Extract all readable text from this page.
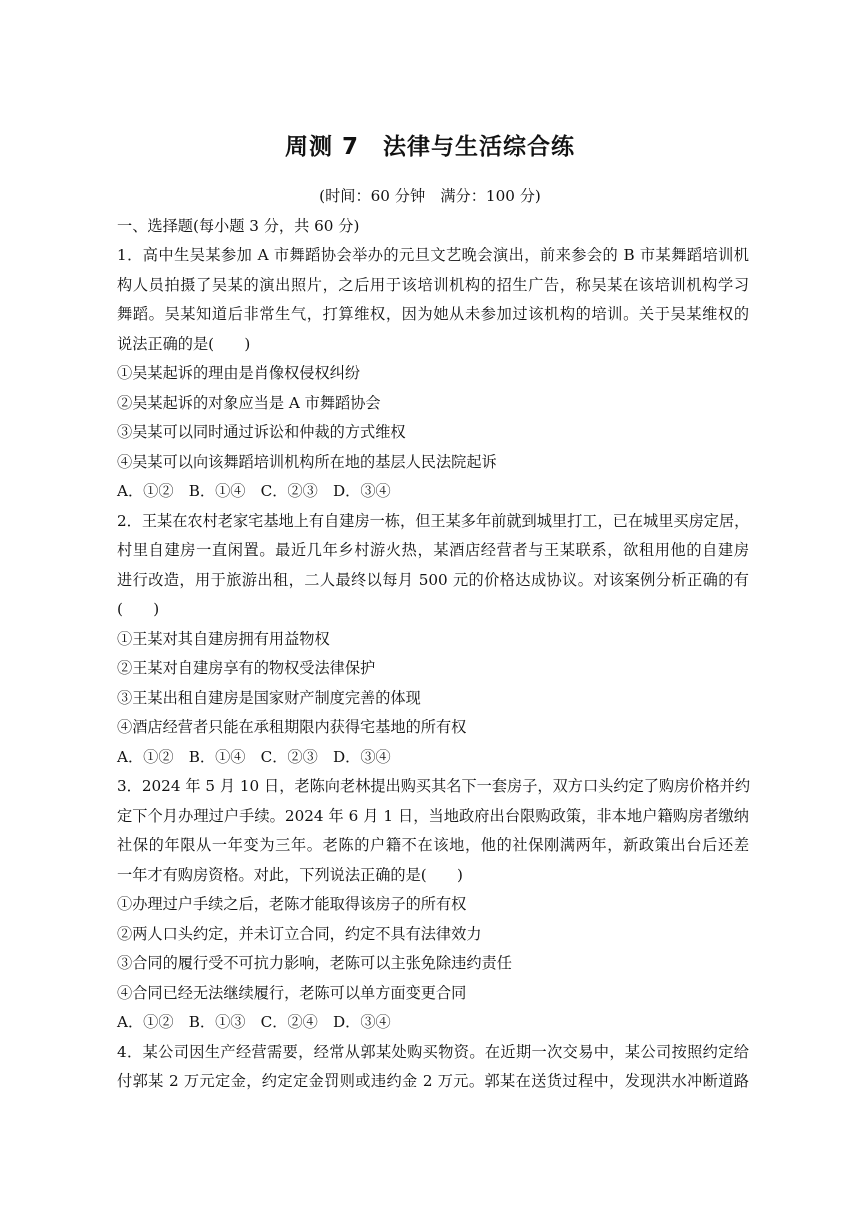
周测 7　法律与生活综合练
(时间：60 分钟　满分：100 分)
一、选择题(每小题 3 分，共 60 分)
1．高中生吴某参加 A 市舞蹈协会举办的元旦文艺晚会演出，前来参会的 B 市某舞蹈培训机
构人员拍摄了吴某的演出照片，之后用于该培训机构的招生广告，称吴某在该培训机构学习
舞蹈。吴某知道后非常生气，打算维权，因为她从未参加过该机构的培训。关于吴某维权的
说法正确的是(　　)
①吴某起诉的理由是肖像权侵权纠纷
②吴某起诉的对象应当是 A 市舞蹈协会
③吴某可以同时通过诉讼和仲裁的方式维权
④吴某可以向该舞蹈培训机构所在地的基层人民法院起诉
A．①②　B．①④　C．②③　D．③④
2．王某在农村老家宅基地上有自建房一栋，但王某多年前就到城里打工，已在城里买房定居，
村里自建房一直闲置。最近几年乡村游火热，某酒店经营者与王某联系，欲租用他的自建房
进行改造，用于旅游出租，二人最终以每月 500 元的价格达成协议。对该案例分析正确的有
(　　)
①王某对其自建房拥有用益物权
②王某对自建房享有的物权受法律保护
③王某出租自建房是国家财产制度完善的体现
④酒店经营者只能在承租期限内获得宅基地的所有权
A．①②　B．①④　C．②③　D．③④
3．2024 年 5 月 10 日，老陈向老林提出购买其名下一套房子，双方口头约定了购房价格并约
定下个月办理过户手续。2024 年 6 月 1 日，当地政府出台限购政策，非本地户籍购房者缴纳
社保的年限从一年变为三年。老陈的户籍不在该地，他的社保刚满两年，新政策出台后还差
一年才有购房资格。对此，下列说法正确的是(　　)
①办理过户手续之后，老陈才能取得该房子的所有权
②两人口头约定，并未订立合同，约定不具有法律效力
③合同的履行受不可抗力影响，老陈可以主张免除违约责任
④合同已经无法继续履行，老陈可以单方面变更合同
A．①②　B．①③　C．②④　D．③④
4．某公司因生产经营需要，经常从郭某处购买物资。在近期一次交易中，某公司按照约定给
付郭某 2 万元定金，约定定金罚则或违约金 2 万元。郭某在送货过程中，发现洪水冲断道路
